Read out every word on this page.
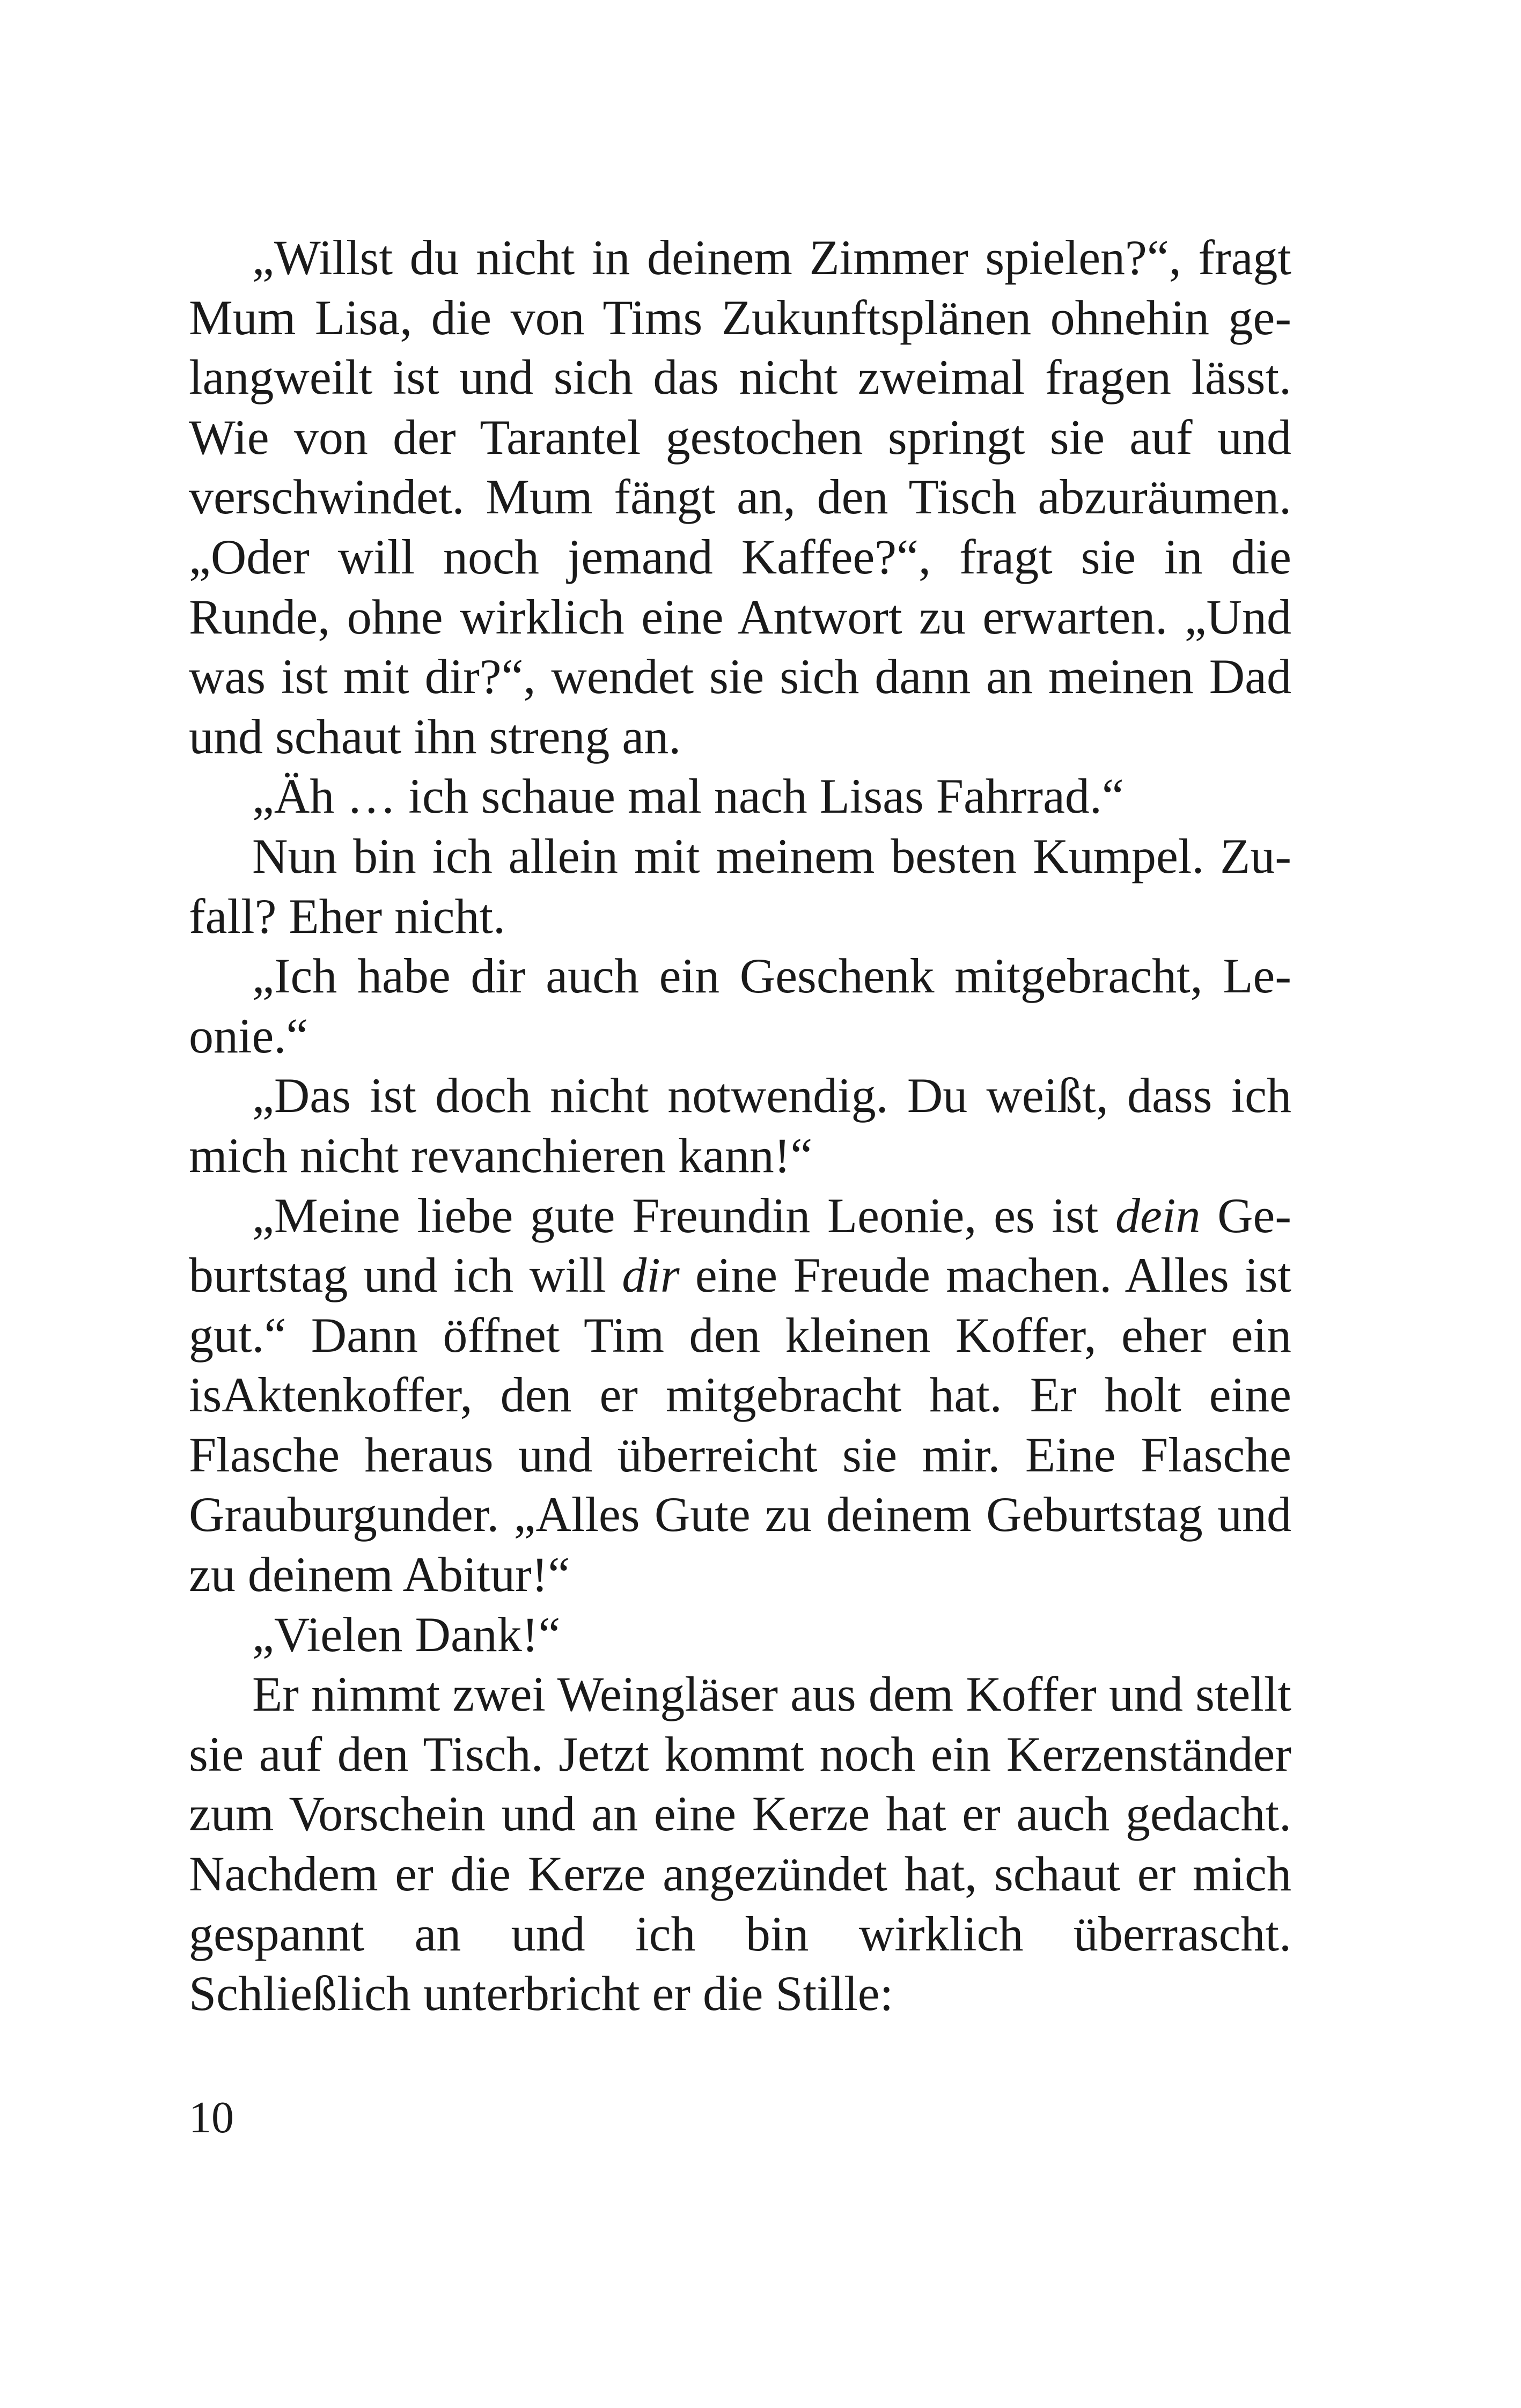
„Willst du nicht in deinem Zimmer spielen?“, fragt Mum Lisa, die von Tims Zukunftsplänen ohnehin gelangweilt ist und sich das nicht zweimal fragen lässt. Wie von der Tarantel gestochen springt sie auf und verschwindet. Mum fängt an, den Tisch abzuräumen. „Oder will noch jemand Kaffee?“, fragt sie in die Runde, ohne wirklich eine Antwort zu erwarten. „Und was ist mit dir?“, wendet sie sich dann an meinen Dad und schaut ihn streng an.

„Äh … ich schaue mal nach Lisas Fahrrad.“

Nun bin ich allein mit meinem besten Kumpel. Zufall? Eher nicht.

„Ich habe dir auch ein Geschenk mitgebracht, Leonie.“

„Das ist doch nicht notwendig. Du weißt, dass ich mich nicht revanchieren kann!“

„Meine liebe gute Freundin Leonie, es ist dein Geburtstag und ich will dir eine Freude machen. Alles ist gut.“ Dann öffnet Tim den kleinen Koffer, eher ein isAktenkoffer, den er mitgebracht hat. Er holt eine Flasche heraus und überreicht sie mir. Eine Flasche Grauburgunder. „Alles Gute zu deinem Geburtstag und zu deinem Abitur!“

„Vielen Dank!“

Er nimmt zwei Weingläser aus dem Koffer und stellt sie auf den Tisch. Jetzt kommt noch ein Kerzenständer zum Vorschein und an eine Kerze hat er auch gedacht. Nachdem er die Kerze angezündet hat, schaut er mich gespannt an und ich bin wirklich überrascht. Schließlich unterbricht er die Stille:

10
